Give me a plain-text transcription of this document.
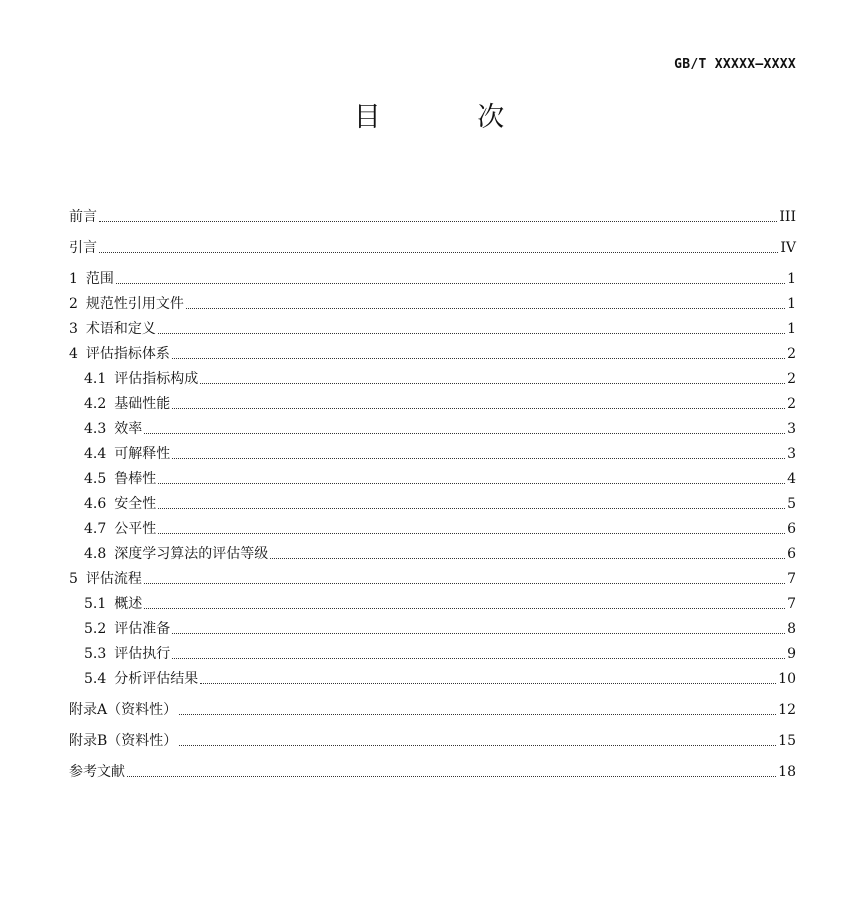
GB/T XXXXX—XXXX
目 次
前言	III
引言	IV
1 范围	1
2 规范性引用文件	1
3 术语和定义	1
4 评估指标体系	2
4.1 评估指标构成	2
4.2 基础性能	2
4.3 效率	3
4.4 可解释性	3
4.5 鲁棒性	4
4.6 安全性	5
4.7 公平性	6
4.8 深度学习算法的评估等级	6
5 评估流程	7
5.1 概述	7
5.2 评估准备	8
5.3 评估执行	9
5.4 分析评估结果	10
附录A（资料性）	12
附录B（资料性）	15
参考文献	18
